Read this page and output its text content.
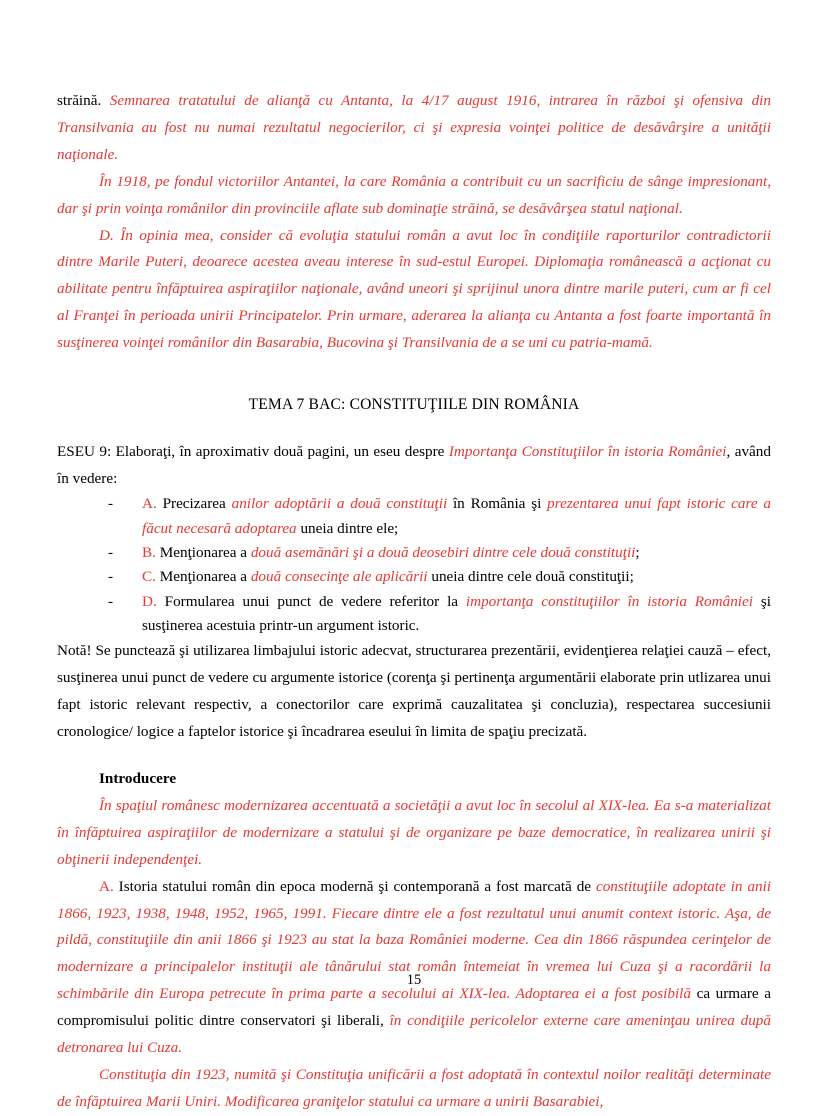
străină. Semnarea tratatului de alianţă cu Antanta, la 4/17 august 1916, intrarea în război şi ofensiva din Transilvania au fost nu numai rezultatul negocierilor, ci şi expresia voinţei politice de desăvârşire a unităţii naţionale.

În 1918, pe fondul victoriilor Antantei, la care România a contribuit cu un sacrificiu de sânge impresionant, dar şi prin voinţa românilor din provinciile aflate sub dominaţie străină, se desăvârşea statul naţional.

D. În opinia mea, consider că evoluţia statului român a avut loc în condiţiile raporturilor contradictorii dintre Marile Puteri, deoarece acestea aveau interese în sud-estul Europei. Diplomaţia românească a acţionat cu abilitate pentru înfăptuirea aspiraţiilor naţionale, având uneori şi sprijinul unora dintre marile puteri, cum ar fi cel al Franţei în perioada unirii Principatelor. Prin urmare, aderarea la alianţa cu Antanta a fost foarte importantă în susţinerea voinţei românilor din Basarabia, Bucovina şi Transilvania de a se uni cu patria-mamă.

TEMA 7 BAC: CONSTITUŢIILE DIN ROMÂNIA

ESEU 9: Elaboraţi, în aproximativ două pagini, un eseu despre Importanţa Constituţiilor în istoria României, având în vedere:

- A. Precizarea anilor adoptării a două constituţii în România şi prezentarea unui fapt istoric care a făcut necesară adoptarea uneia dintre ele;
- B. Menţionarea a două asemănări şi a două deosebiri dintre cele două constituţii;
- C. Menţionarea a două consecinţe ale aplicării uneia dintre cele două constituţii;
- D. Formularea unui punct de vedere referitor la importanţa constituţiilor în istoria României şi susţinerea acestuia printr-un argument istoric.

Notă! Se punctează şi utilizarea limbajului istoric adecvat, structurarea prezentării, evidenţierea relaţiei cauză – efect, susţinerea unui punct de vedere cu argumente istorice (corenţa şi pertinenţa argumentării elaborate prin utlizarea unui fapt istoric relevant respectiv, a conectorilor care exprimă cauzalitatea şi concluzia), respectarea succesiunii cronologice/ logice a faptelor istorice şi încadrarea eseului în limita de spaţiu precizată.

Introducere

În spaţiul românesc modernizarea accentuată a societăţii a avut loc în secolul al XIX-lea. Ea s-a materializat în înfăptuirea aspiraţiilor de modernizare a statului şi de organizare pe baze democratice, în realizarea unirii şi obţinerii independenţei.

A. Istoria statului român din epoca modernă şi contemporană a fost marcată de constituţiile adoptate in anii 1866, 1923, 1938, 1948, 1952, 1965, 1991. Fiecare dintre ele a fost rezultatul unui anumit context istoric. Aşa, de pildă, constituţiile din anii 1866 şi 1923 au stat la baza României moderne. Cea din 1866 răspundea cerinţelor de modernizare a principalelor instituţii ale tânărului stat român întemeiat în vremea lui Cuza şi a racordării la schimbările din Europa petrecute în prima parte a secolului ai XIX-lea. Adoptarea ei a fost posibilă ca urmare a compromisului politic dintre conservatori şi liberali, în condiţiile pericolelor externe care ameninţau unirea după detronarea lui Cuza.

Constituţia din 1923, numită şi Constituţia unificării a fost adoptată în contextul noilor realităţi determinate de înfăptuirea Marii Uniri. Modificarea graniţelor statului ca urmare a unirii Basarabiei,

15
